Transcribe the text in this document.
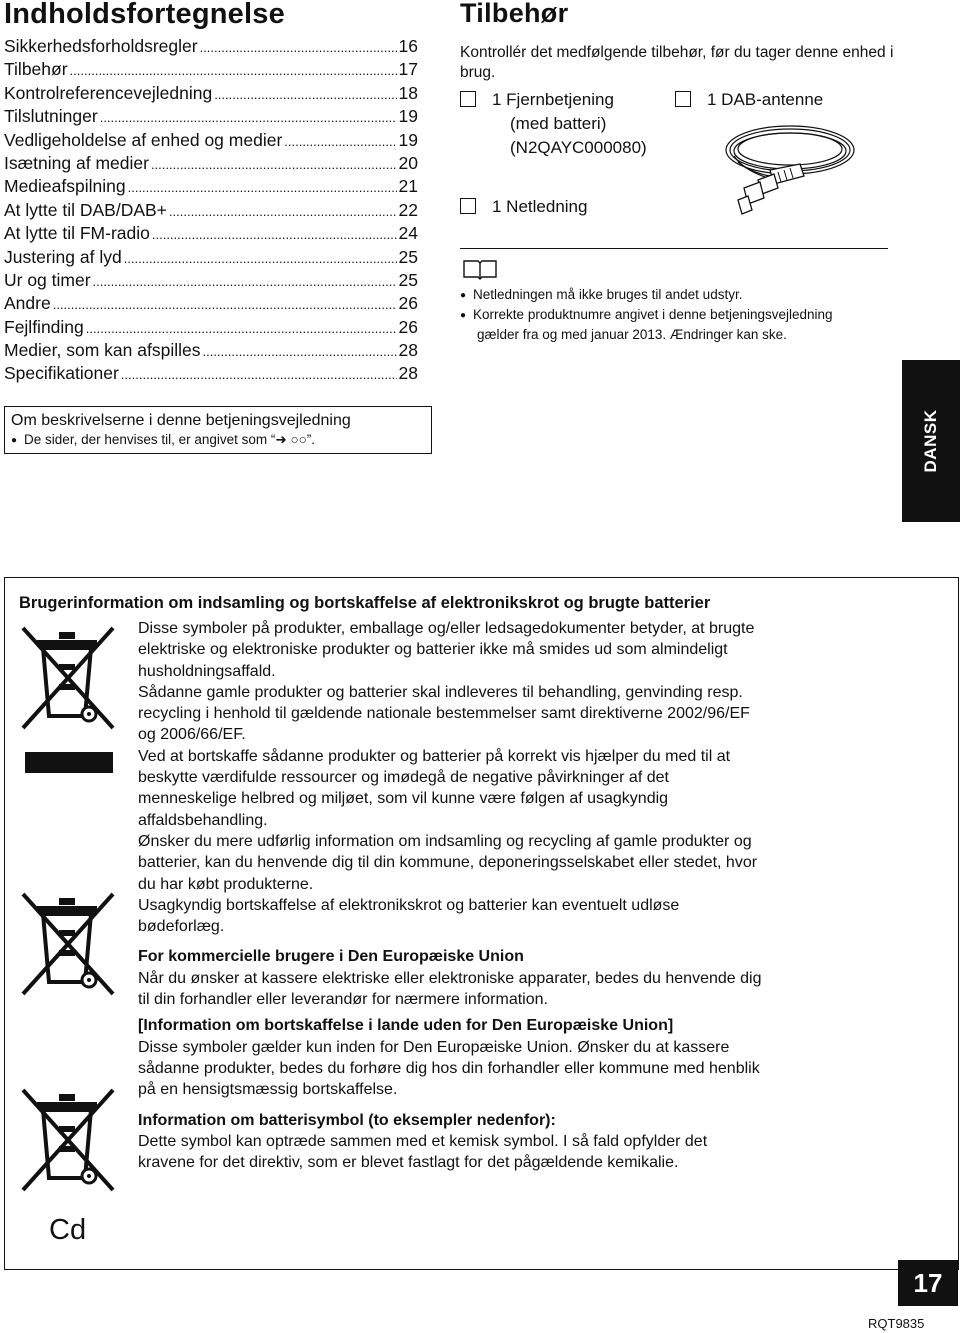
Indholdsfortegnelse
Sikkerhedsforholdsregler .....	16
Tilbehør .....	17
Kontrolreferencevejledning .....	18
Tilslutninger .....	19
Vedligeholdelse af enhed og medier .....	19
Isætning af medier .....	20
Medieafspilning .....	21
At lytte til DAB/DAB+ .....	22
At lytte til FM-radio .....	24
Justering af lyd .....	25
Ur og timer .....	25
Andre .....	26
Fejlfinding .....	26
Medier, som kan afspilles .....	28
Specifikationer .....	28
Om beskrivelserne i denne betjeningsvejledning
● De sider, der henvises til, er angivet som “➜ ○○”.
Tilbehør
Kontrollér det medfølgende tilbehør, før du tager denne enhed i brug.
1 Fjernbetjening
(med batteri)
(N2QAYC000080)
1 DAB-antenne
1 Netledning
● Netledningen må ikke bruges til andet udstyr.
● Korrekte produktnumre angivet i denne betjeningsvejledning
gælder fra og med januar 2013. Ændringer kan ske.
DANSK
Brugerinformation om indsamling og bortskaffelse af elektronikskrot og brugte batterier
Cd
Disse symboler på produkter, emballage og/eller ledsagedokumenter betyder, at brugte
elektriske og elektroniske produkter og batterier ikke må smides ud som almindeligt
husholdningsaffald.
Sådanne gamle produkter og batterier skal indleveres til behandling, genvinding resp.
recycling i henhold til gældende nationale bestemmelser samt direktiverne 2002/96/EF
og 2006/66/EF.
Ved at bortskaffe sådanne produkter og batterier på korrekt vis hjælper du med til at
beskytte værdifulde ressourcer og imødegå de negative påvirkninger af det
menneskelige helbred og miljøet, som vil kunne være følgen af usagkyndig
affaldsbehandling.
Ønsker du mere udførlig information om indsamling og recycling af gamle produkter og
batterier, kan du henvende dig til din kommune, deponeringsselskabet eller stedet, hvor
du har købt produkterne.
Usagkyndig bortskaffelse af elektronikskrot og batterier kan eventuelt udløse
bødeforlæg.

For kommercielle brugere i Den Europæiske Union

Når du ønsker at kassere elektriske eller elektroniske apparater, bedes du henvende dig
til din forhandler eller leverandør for nærmere information.

[Information om bortskaffelse i lande uden for Den Europæiske Union]

Disse symboler gælder kun inden for Den Europæiske Union. Ønsker du at kassere
sådanne produkter, bedes du forhøre dig hos din forhandler eller kommune med henblik
på en hensigtsmæssig bortskaffelse.

Information om batterisymbol (to eksempler nedenfor):

Dette symbol kan optræde sammen med et kemisk symbol. I så fald opfylder det
kravene for det direktiv, som er blevet fastlagt for det pågældende kemikalie.
17
RQT9835
